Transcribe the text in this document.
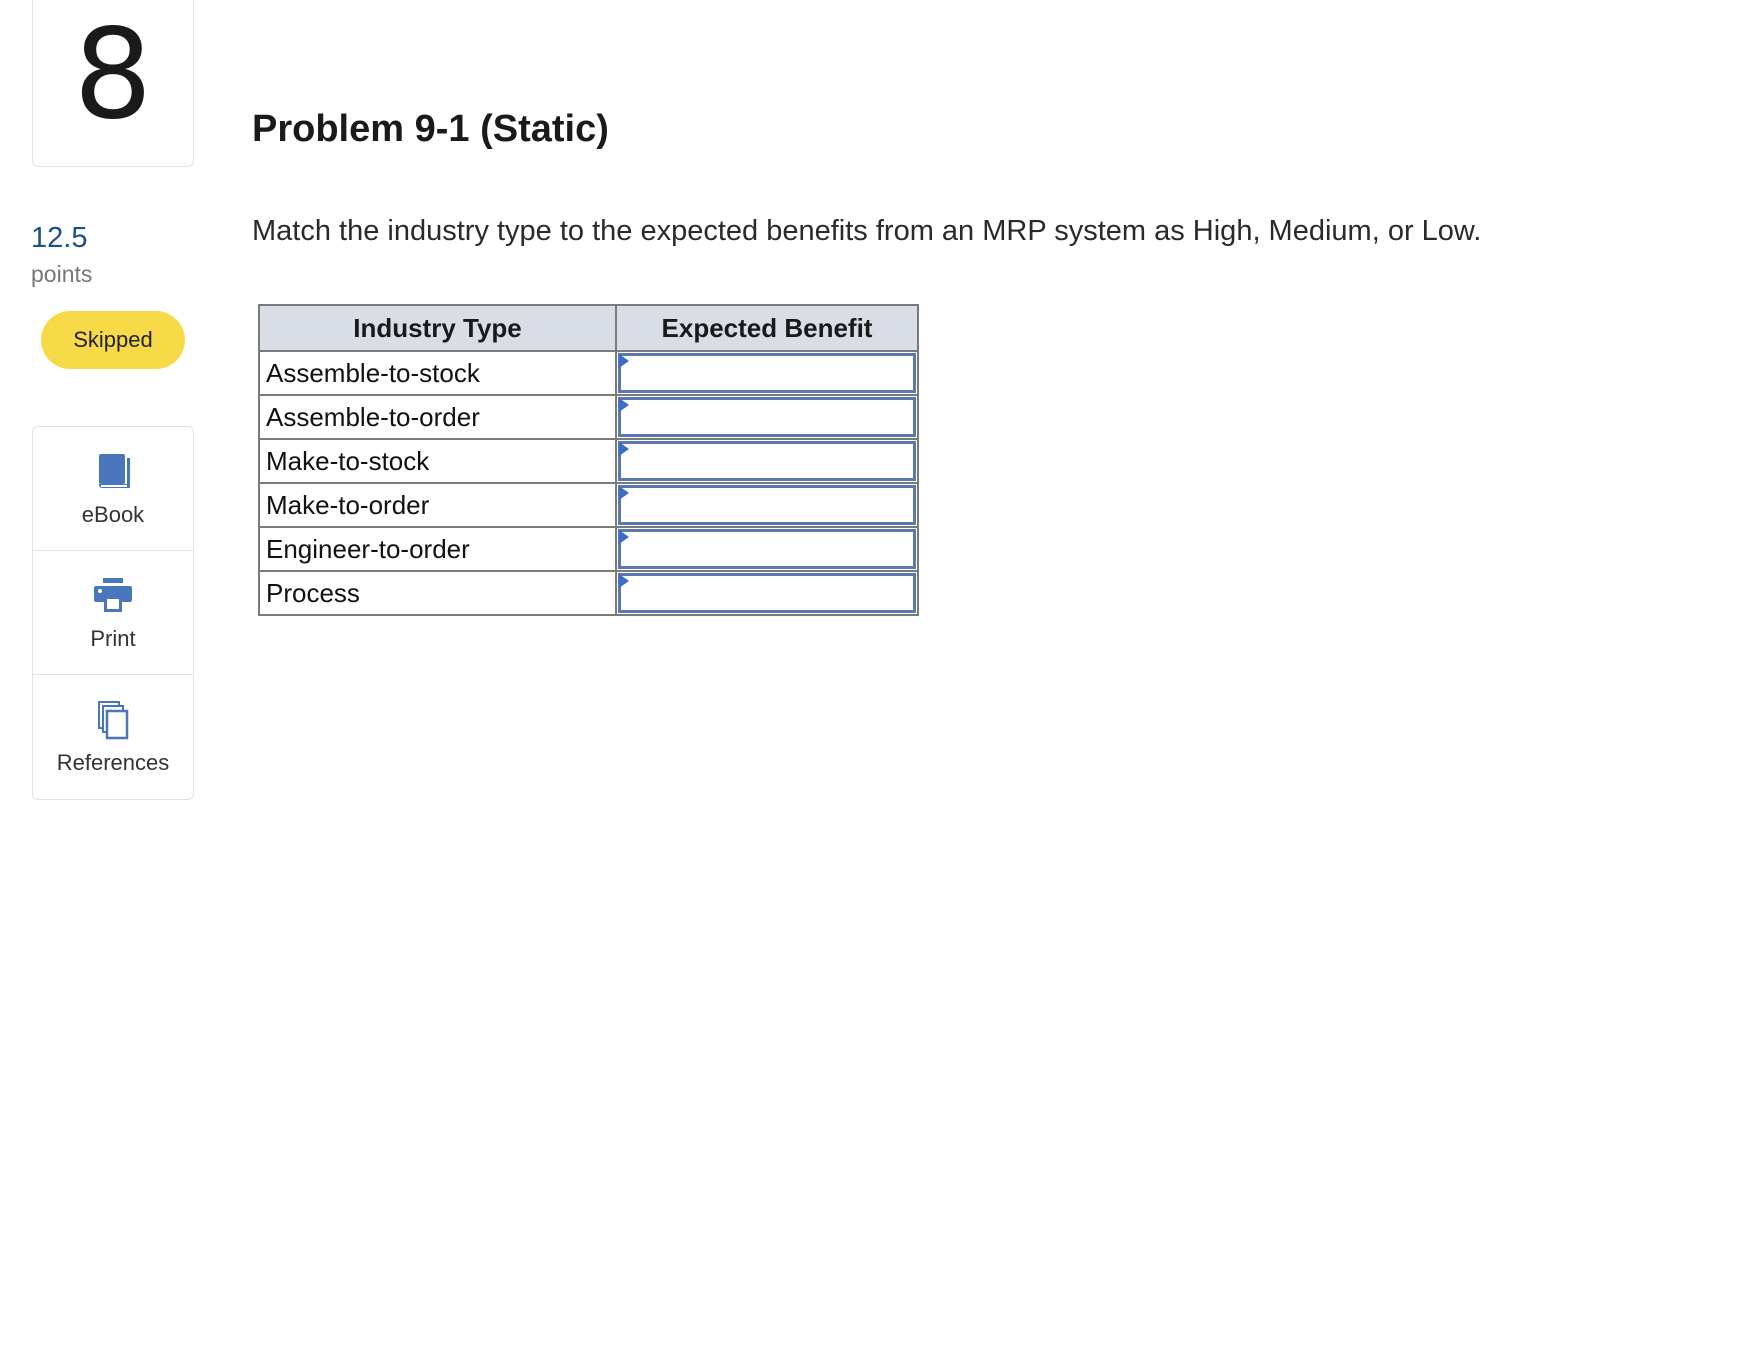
8
12.5
points
Skipped
eBook
Print
References
Problem 9-1 (Static)

Match the industry type to the expected benefits from an MRP system as High, Medium, or Low.

Industry Type	Expected Benefit
Assemble-to-stock	

Assemble-to-order	

Make-to-stock	

Make-to-order	

Engineer-to-order	

Process	
